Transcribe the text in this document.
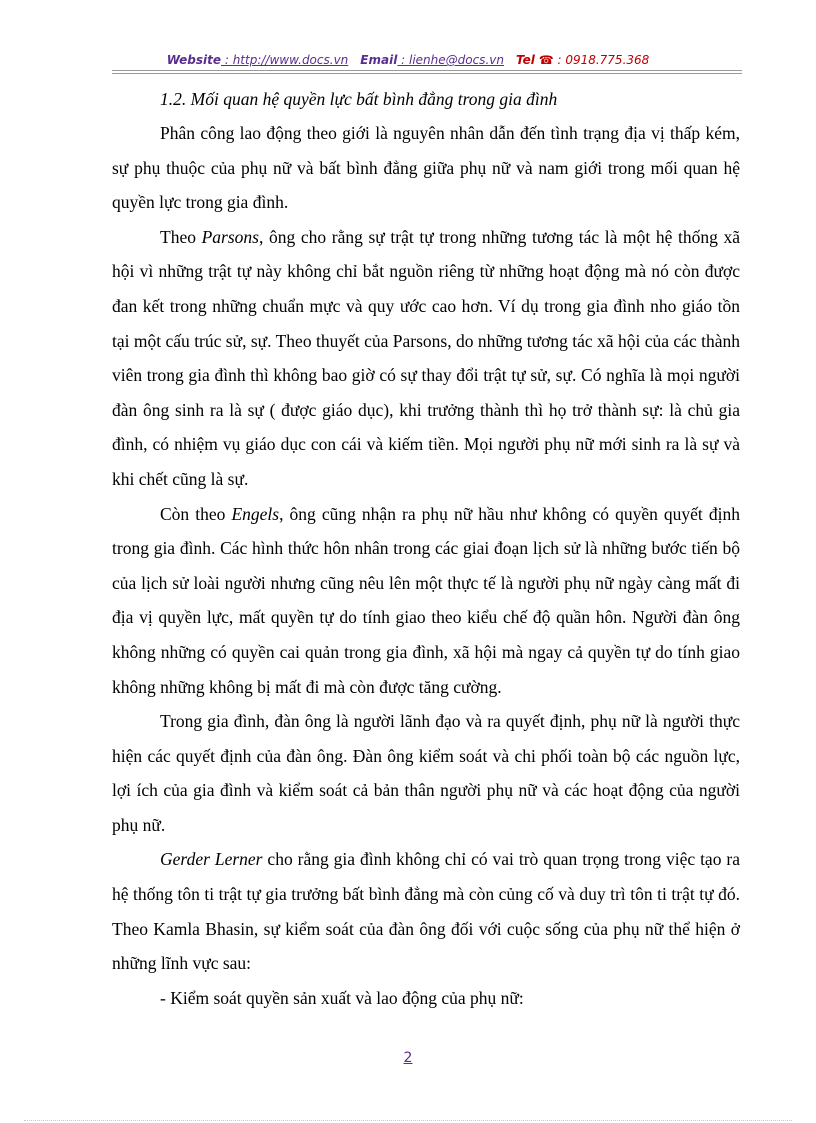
Website : http://www.docs.vn Email : lienhe@docs.vn Tel ☎ : 0918.775.368

1.2. Mối quan hệ quyền lực bất bình đẳng trong gia đình

Phân công lao động theo giới là nguyên nhân dẫn đến tình trạng địa vị thấp kém, sự phụ thuộc của phụ nữ và bất bình đẳng giữa phụ nữ và nam giới trong mối quan hệ quyền lực trong gia đình.

Theo Parsons, ông cho rằng sự trật tự trong những tương tác là một hệ thống xã hội vì những trật tự này không chỉ bắt nguồn riêng từ những hoạt động mà nó còn được đan kết trong những chuẩn mực và quy ước cao hơn. Ví dụ trong gia đình nho giáo tồn tại một cấu trúc sử, sự. Theo thuyết của Parsons, do những tương tác xã hội của các thành viên trong gia đình thì không bao giờ có sự thay đổi trật tự sử, sự. Có nghĩa là mọi người đàn ông sinh ra là sự ( được giáo dục), khi trưởng thành thì họ trở thành sự: là chủ gia đình, có nhiệm vụ giáo dục con cái và kiếm tiền. Mọi người phụ nữ mới sinh ra là sự và khi chết cũng là sự.

Còn theo Engels, ông cũng nhận ra phụ nữ hầu như không có quyền quyết định trong gia đình. Các hình thức hôn nhân trong các giai đoạn lịch sử là những bước tiến bộ của lịch sử loài người nhưng cũng nêu lên một thực tế là người phụ nữ ngày càng mất đi địa vị quyền lực, mất quyền tự do tính giao theo kiểu chế độ quần hôn. Người đàn ông không những có quyền cai quản trong gia đình, xã hội mà ngay cả quyền tự do tính giao không những không bị mất đi mà còn được tăng cường.

Trong gia đình, đàn ông là người lãnh đạo và ra quyết định, phụ nữ là người thực hiện các quyết định của đàn ông. Đàn ông kiểm soát và chi phối toàn bộ các nguồn lực, lợi ích của gia đình và kiểm soát cả bản thân người phụ nữ và các hoạt động của người phụ nữ.

Gerder Lerner cho rằng gia đình không chỉ có vai trò quan trọng trong việc tạo ra hệ thống tôn ti trật tự gia trưởng bất bình đẳng mà còn củng cố và duy trì tôn ti trật tự đó. Theo Kamla Bhasin, sự kiểm soát của đàn ông đối với cuộc sống của phụ nữ thể hiện ở những lĩnh vực sau:

- Kiểm soát quyền sản xuất và lao động của phụ nữ:

2
